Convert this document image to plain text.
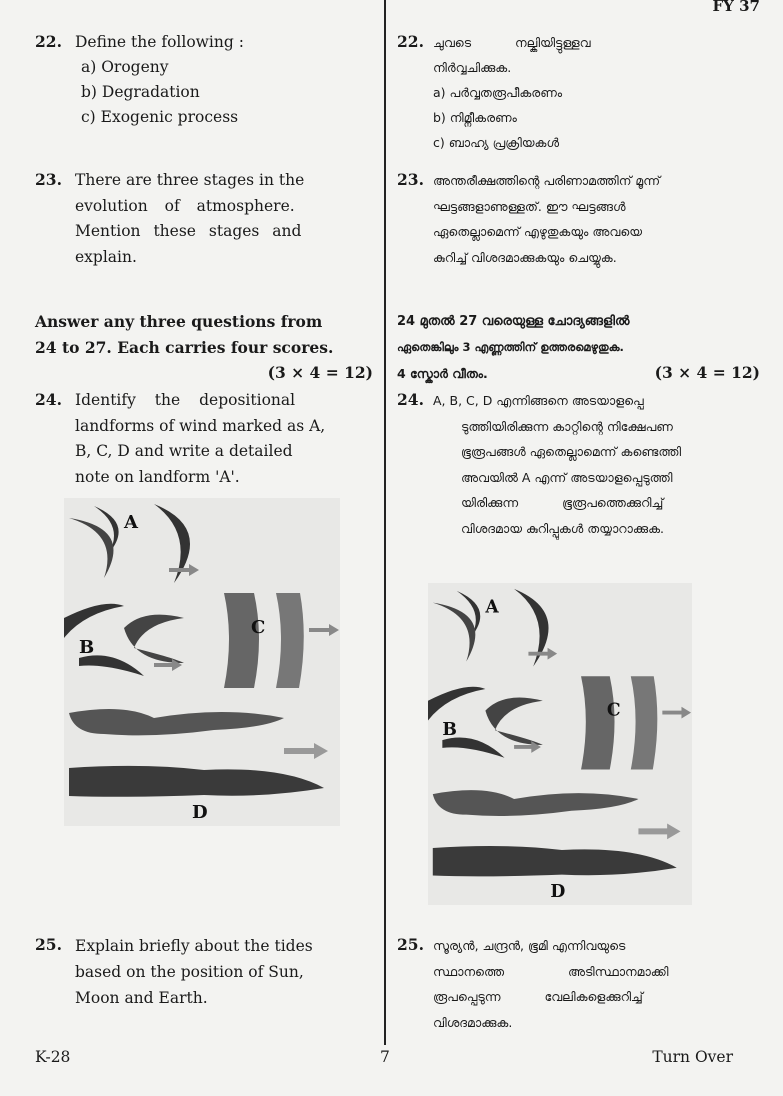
FY 37
22. Define the following :
a) Orogeny
b) Degradation
c) Exogenic process
23. There are three stages in the
evolution of atmosphere.
Mention these stages and
explain.
Answer any three questions from
24 to 27. Each carries four scores.
(3 × 4 = 12)
24. Identify the depositional
landforms of wind marked as A,
B, C, D and write a detailed
note on landform 'A'.
A
B
C
D
25. Explain briefly about the tides
based on the position of Sun,
Moon and Earth.
22. ചുവടെ നല്കിയിട്ടുള്ളവ
നിർവ്വചിക്കുക.
a) പർവ്വതരൂപീകരണം
b) നിമ്നീകരണം
c) ബാഹ്യ പ്രക്രിയകൾ
23. അന്തരീക്ഷത്തിന്റെ പരിണാമത്തിന് മൂന്ന്
ഘട്ടങ്ങളാണുള്ളത്. ഈ ഘട്ടങ്ങൾ
ഏതെല്ലാമെന്ന് എഴുതുകയും അവയെ
കുറിച്ച് വിശദമാക്കുകയും ചെയ്യുക.
24 മുതൽ 27 വരെയുള്ള ചോദ്യങ്ങളിൽ
ഏതെങ്കിലും 3 എണ്ണത്തിന് ഉത്തരമെഴുതുക.
4 സ്കോർ വീതം.	(3 × 4 = 12)
24. A, B, C, D എന്നിങ്ങനെ അടയാളപ്പെ
ടുത്തിയിരിക്കുന്ന കാറ്റിന്റെ നിക്ഷേപണ
ഭൂരൂപങ്ങൾ ഏതെല്ലാമെന്ന് കണ്ടെത്തി
അവയിൽ A എന്ന് അടയാളപ്പെടുത്തി
യിരിക്കുന്ന ഭൂരൂപത്തെക്കുറിച്ച്
വിശദമായ കുറിപ്പുകൾ തയ്യാറാക്കുക.
A
B
C
D
25. സൂര്യൻ, ചന്ദ്രൻ, ഭൂമി എന്നിവയുടെ
സ്ഥാനത്തെ അടിസ്ഥാനമാക്കി
രൂപപ്പെടുന്ന വേലികളെക്കുറിച്ച്
വിശദമാക്കുക.
K-28	7	Turn Over
